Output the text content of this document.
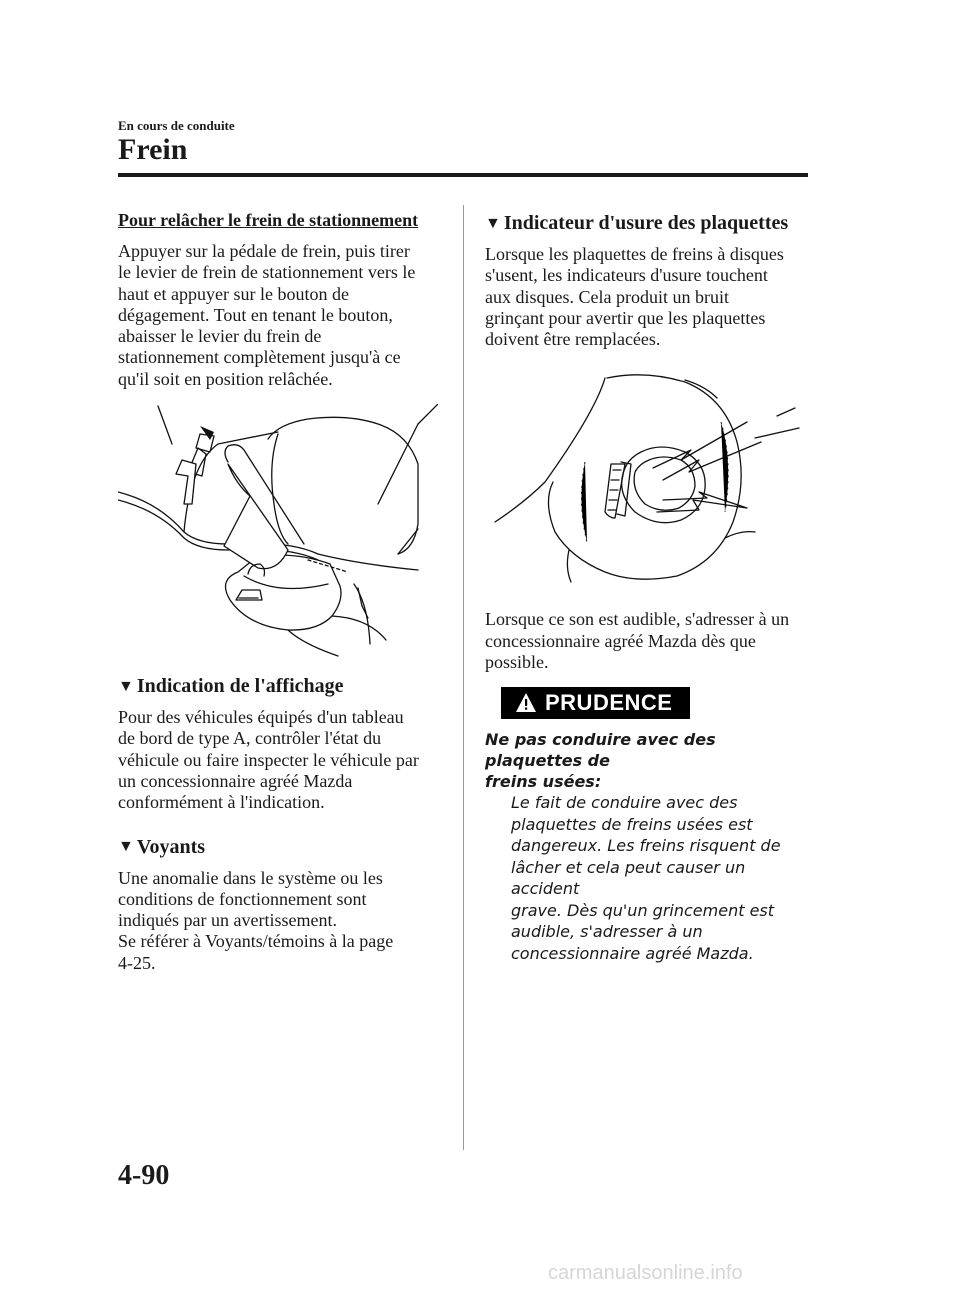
En cours de conduite
Frein

Pour relâcher le frein de stationnement

Appuyer sur la pédale de frein, puis tirer
le levier de frein de stationnement vers le
haut et appuyer sur le bouton de
dégagement. Tout en tenant le bouton,
abaisser le levier du frein de
stationnement complètement jusqu'à ce
qu'il soit en position relâchée.

▼ Indication de l'affichage

Pour des véhicules équipés d'un tableau
de bord de type A, contrôler l'état du
véhicule ou faire inspecter le véhicule par
un concessionnaire agréé Mazda
conformément à l'indication.

▼ Voyants

Une anomalie dans le système ou les
conditions de fonctionnement sont
indiqués par un avertissement.
Se référer à Voyants/témoins à la page
4-25.

▼ Indicateur d'usure des plaquettes

Lorsque les plaquettes de freins à disques
s'usent, les indicateurs d'usure touchent
aux disques. Cela produit un bruit
grinçant pour avertir que les plaquettes
doivent être remplacées.

Lorsque ce son est audible, s'adresser à un
concessionnaire agréé Mazda dès que
possible.

PRUDENCE

Ne pas conduire avec des plaquettes de
freins usées:

Le fait de conduire avec des
plaquettes de freins usées est
dangereux. Les freins risquent de
lâcher et cela peut causer un accident
grave. Dès qu'un grincement est
audible, s'adresser à un
concessionnaire agréé Mazda.

4-90
carmanualsonline.info
